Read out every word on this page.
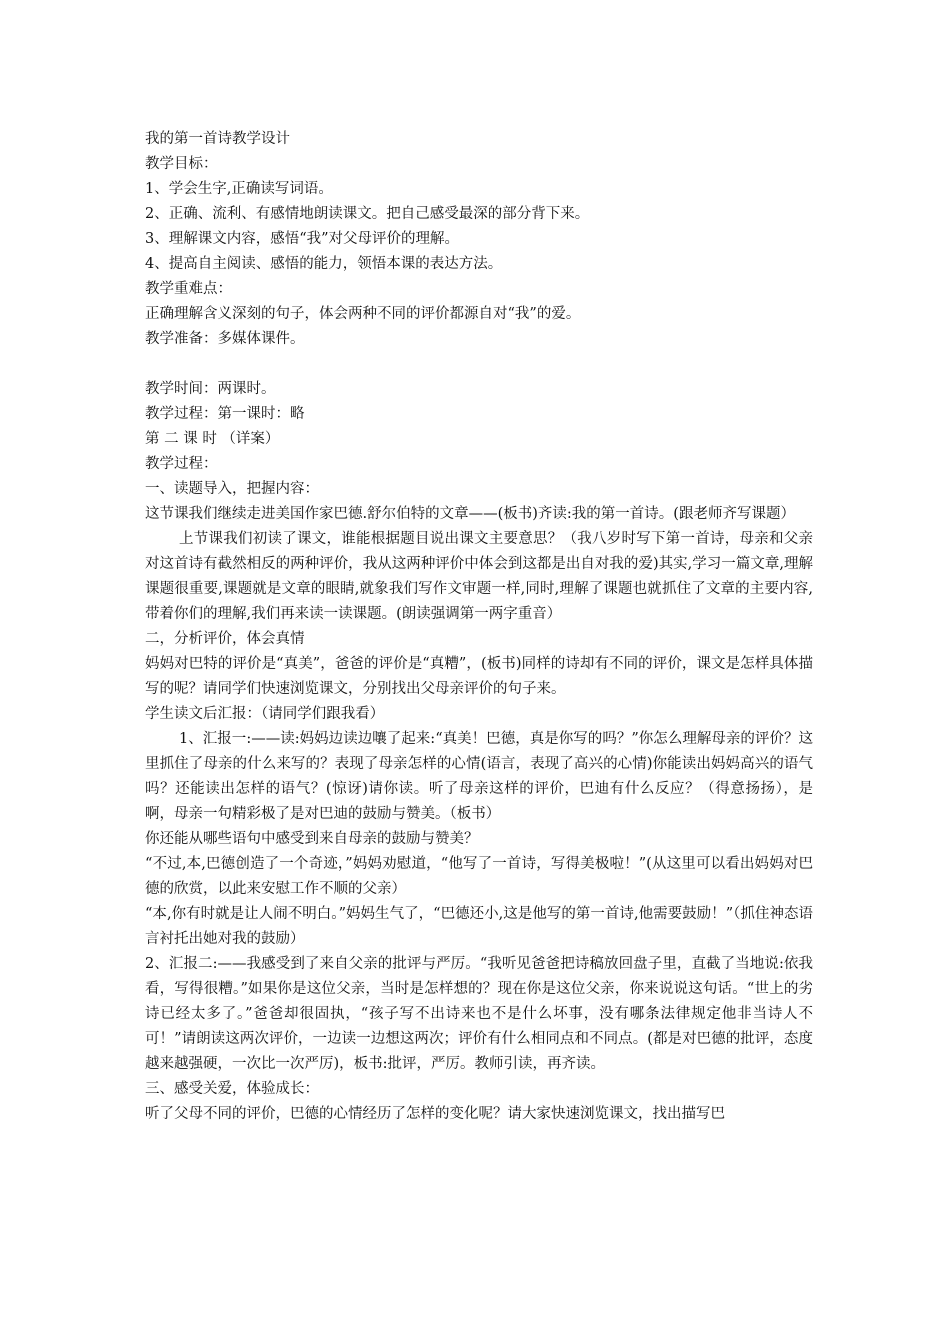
我的第一首诗教学设计
教学目标：
1、学会生字,正确读写词语。
2、正确、流利、有感情地朗读课文。把自己感受最深的部分背下来。
3、理解课文内容，感悟“我”对父母评价的理解。
4、提高自主阅读、感悟的能力，领悟本课的表达方法。
教学重难点：
正确理解含义深刻的句子，体会两种不同的评价都源自对“我”的爱。
教学准备：多媒体课件。
教学时间：两课时。
教学过程：第一课时：略
第 二 课 时 （详案）
教学过程：
一、读题导入，把握内容：
这节课我们继续走进美国作家巴德.舒尔伯特的文章——(板书)齐读:我的第一首诗。(跟老师齐写课题）
上节课我们初读了课文，谁能根据题目说出课文主要意思？（我八岁时写下第一首诗，母亲和父亲对这首诗有截然相反的两种评价，我从这两种评价中体会到这都是出自对我的爱)其实,学习一篇文章,理解课题很重要,课题就是文章的眼睛,就象我们写作文审题一样,同时,理解了课题也就抓住了文章的主要内容,带着你们的理解,我们再来读一读课题。(朗读强调第一两字重音）
二，分析评价，体会真情
妈妈对巴特的评价是“真美”，爸爸的评价是“真糟”，(板书)同样的诗却有不同的评价，课文是怎样具体描写的呢？请同学们快速浏览课文，分别找出父母亲评价的句子来。
学生读文后汇报：（请同学们跟我看）
1、汇报一:——读:妈妈边读边嚷了起来:“真美！巴德，真是你写的吗？”你怎么理解母亲的评价？这里抓住了母亲的什么来写的？表现了母亲怎样的心情(语言，表现了高兴的心情)你能读出妈妈高兴的语气吗？还能读出怎样的语气？(惊讶)请你读。听了母亲这样的评价，巴迪有什么反应？（得意扬扬），是啊，母亲一句精彩极了是对巴迪的鼓励与赞美。（板书）
你还能从哪些语句中感受到来自母亲的鼓励与赞美？
“不过,本,巴德创造了一个奇迹，”妈妈劝慰道，“他写了一首诗，写得美极啦！”(从这里可以看出妈妈对巴德的欣赏，以此来安慰工作不顺的父亲）
“本,你有时就是让人闹不明白。”妈妈生气了，“巴德还小,这是他写的第一首诗,他需要鼓励！”（抓住神态语言衬托出她对我的鼓励）
2、汇报二:——我感受到了来自父亲的批评与严厉。“我听见爸爸把诗稿放回盘子里，直截了当地说:依我看，写得很糟。”如果你是这位父亲，当时是怎样想的？现在你是这位父亲，你来说说这句话。“世上的劣诗已经太多了。”爸爸却很固执，“孩子写不出诗来也不是什么坏事，没有哪条法律规定他非当诗人不可！”请朗读这两次评价，一边读一边想这两次；评价有什么相同点和不同点。(都是对巴德的批评，态度越来越强硬，一次比一次严厉)，板书:批评，严厉。教师引读，再齐读。
三、感受关爱，体验成长：
听了父母不同的评价，巴德的心情经历了怎样的变化呢？请大家快速浏览课文，找出描写巴
